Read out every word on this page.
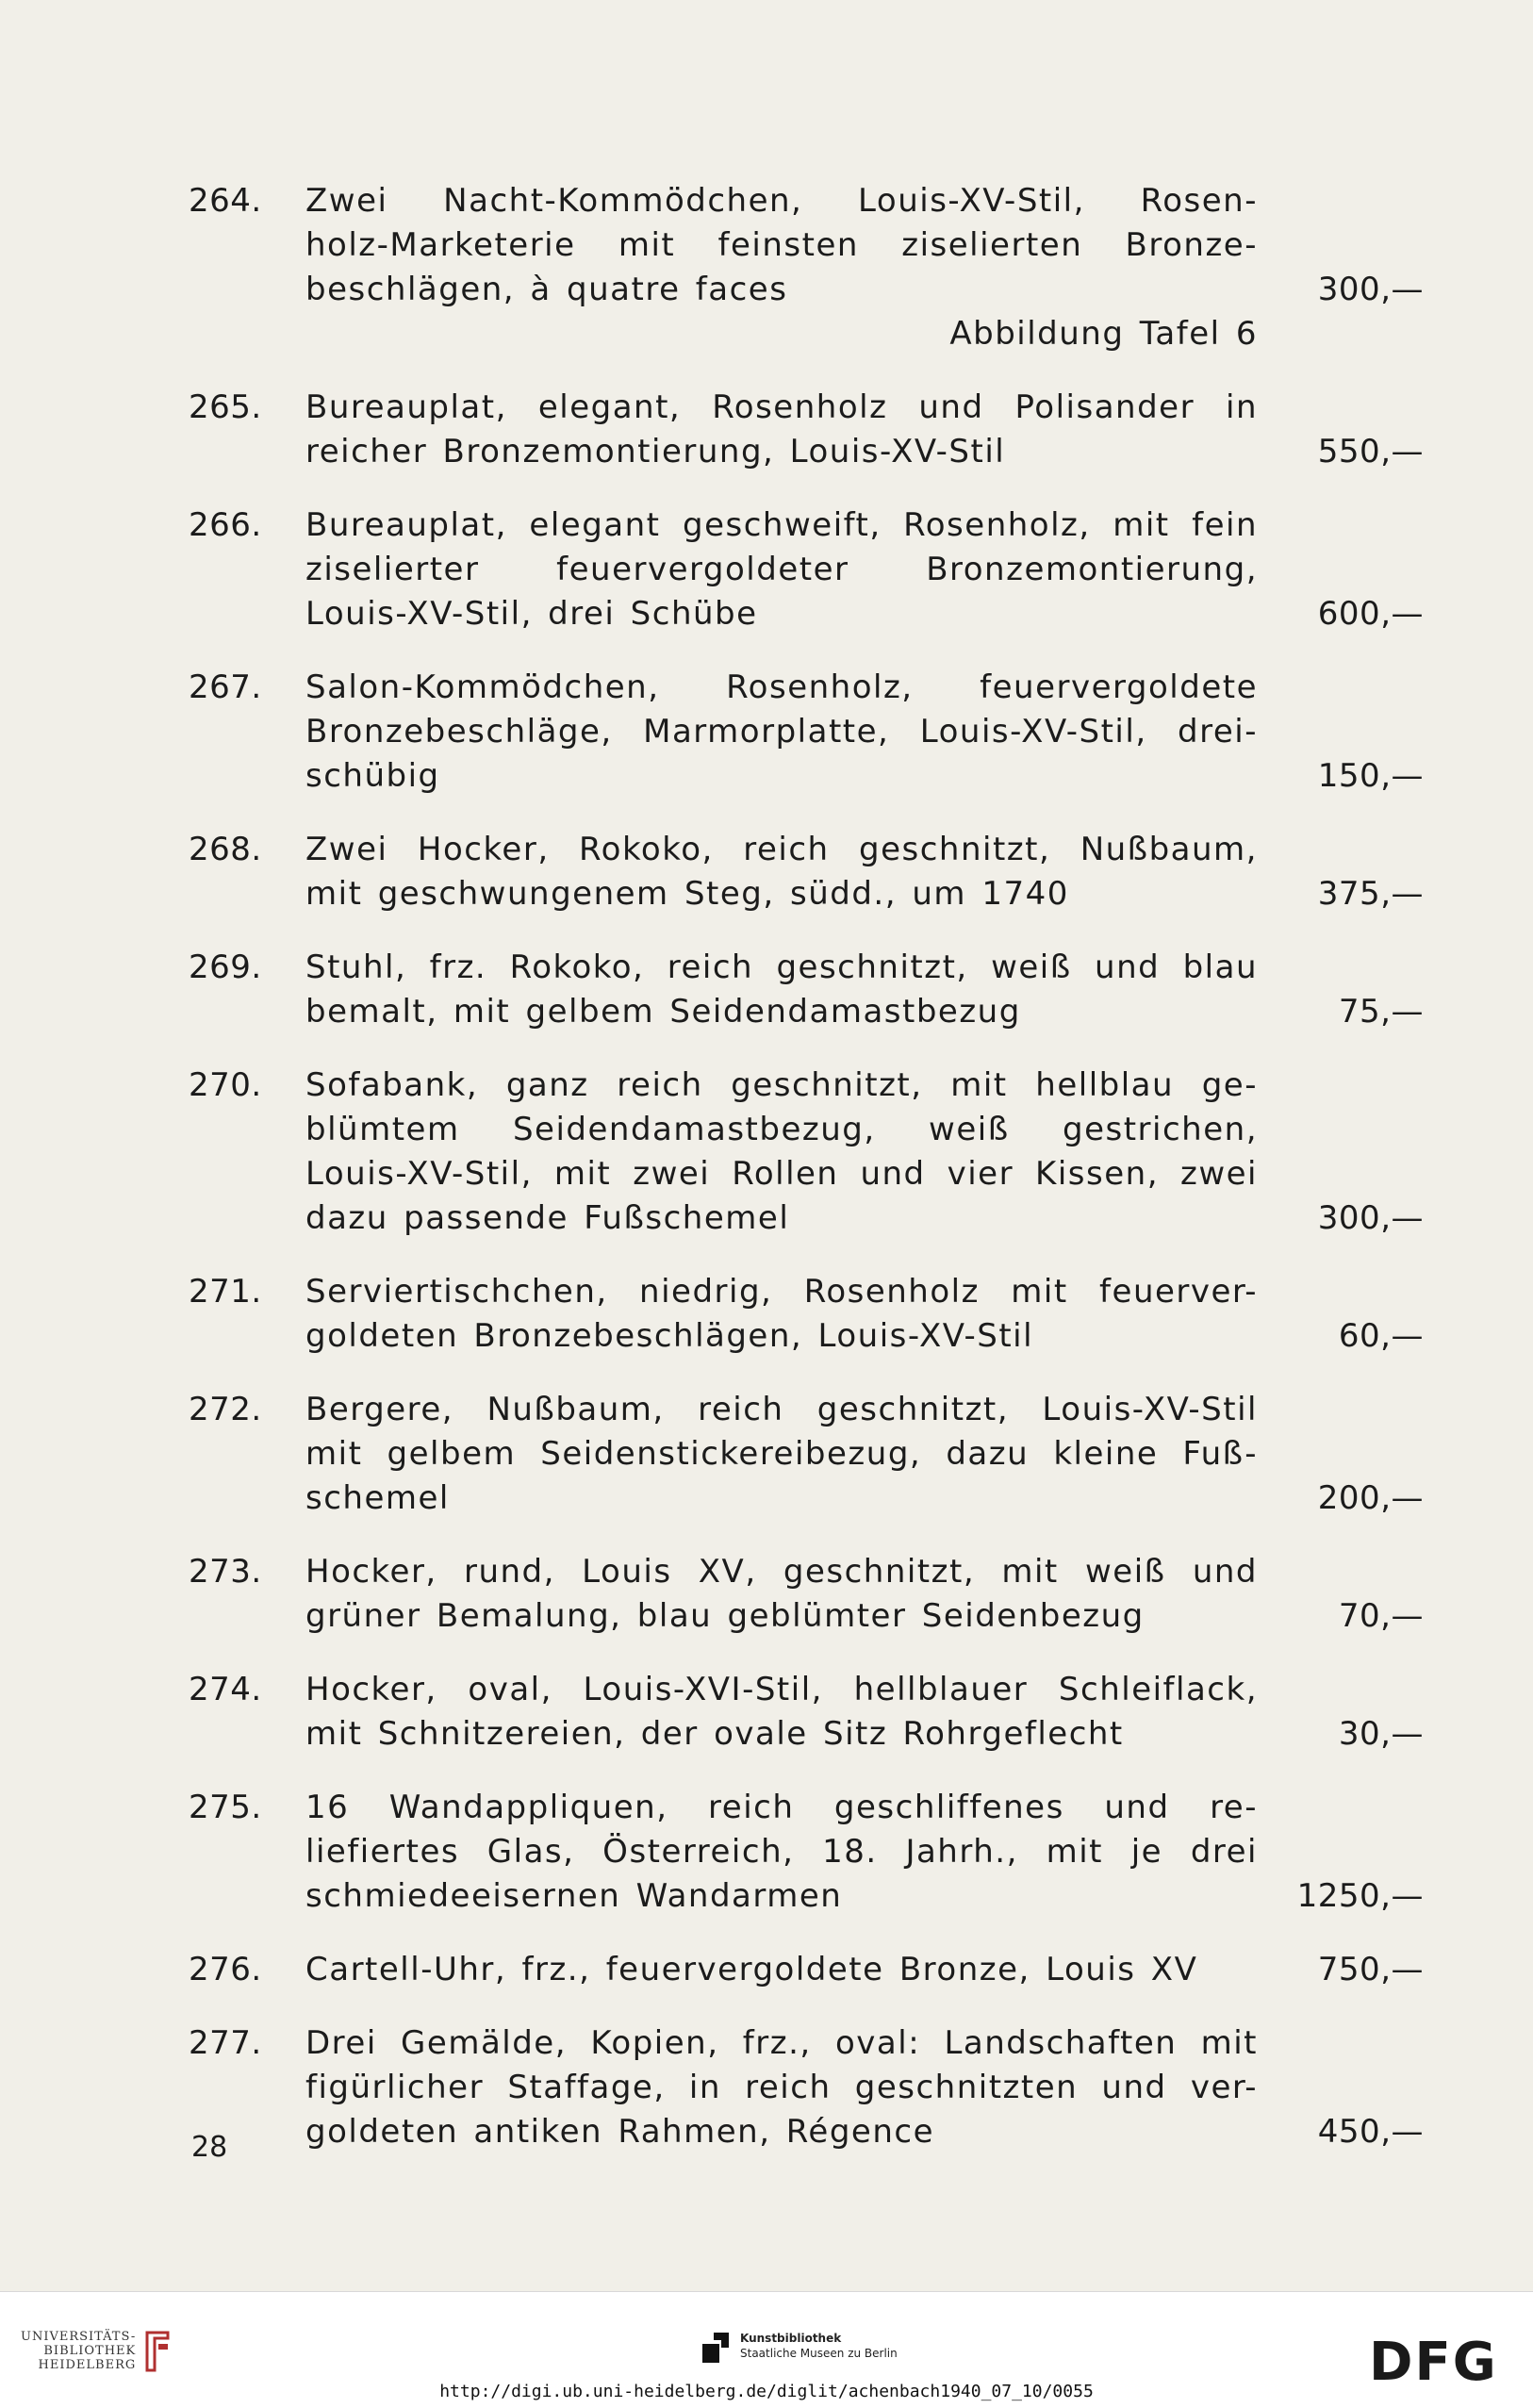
264. Zwei Nacht-Kommödchen, Louis-XV-Stil, Rosen-
holz-Marketerie mit feinsten ziselierten Bronze-
beschlägen, à quatre faces
Abbildung Tafel 6
300,—
265. Bureauplat, elegant, Rosenholz und Polisander in
reicher Bronzemontierung, Louis-XV-Stil	550,—
266. Bureauplat, elegant geschweift, Rosenholz, mit fein
ziselierter feuervergoldeter Bronzemontierung,
Louis-XV-Stil, drei Schübe	600,—
267. Salon-Kommödchen, Rosenholz, feuervergoldete
Bronzebeschläge, Marmorplatte, Louis-XV-Stil, drei-
schübig	150,—
268. Zwei Hocker, Rokoko, reich geschnitzt, Nußbaum,
mit geschwungenem Steg, südd., um 1740	375,—
269. Stuhl, frz. Rokoko, reich geschnitzt, weiß und blau
bemalt, mit gelbem Seidendamastbezug	75,—
270. Sofabank, ganz reich geschnitzt, mit hellblau ge-
blümtem Seidendamastbezug, weiß gestrichen,
Louis-XV-Stil, mit zwei Rollen und vier Kissen, zwei
dazu passende Fußschemel	300,—
271. Serviertischchen, niedrig, Rosenholz mit feuerver-
goldeten Bronzebeschlägen, Louis-XV-Stil	60,—
272. Bergere, Nußbaum, reich geschnitzt, Louis-XV-Stil
mit gelbem Seidenstickereibezug, dazu kleine Fuß-
schemel	200,—
273. Hocker, rund, Louis XV, geschnitzt, mit weiß und
grüner Bemalung, blau geblümter Seidenbezug	70,—
274. Hocker, oval, Louis-XVI-Stil, hellblauer Schleiflack,
mit Schnitzereien, der ovale Sitz Rohrgeflecht	30,—
275. 16 Wandappliquen, reich geschliffenes und re-
liefiertes Glas, Österreich, 18. Jahrh., mit je drei
schmiedeeisernen Wandarmen	1250,—
276. Cartell-Uhr, frz., feuervergoldete Bronze, Louis XV	750,—
277. Drei Gemälde, Kopien, frz., oval: Landschaften mit
figürlicher Staffage, in reich geschnitzten und ver-
goldeten antiken Rahmen, Régence	450,—
28
UNIVERSITÄTS-
BIBLIOTHEK
HEIDELBERG
Kunstbibliothek
Staatliche Museen zu Berlin	DFG
http://digi.ub.uni-heidelberg.de/diglit/achenbach1940_07_10/0055
